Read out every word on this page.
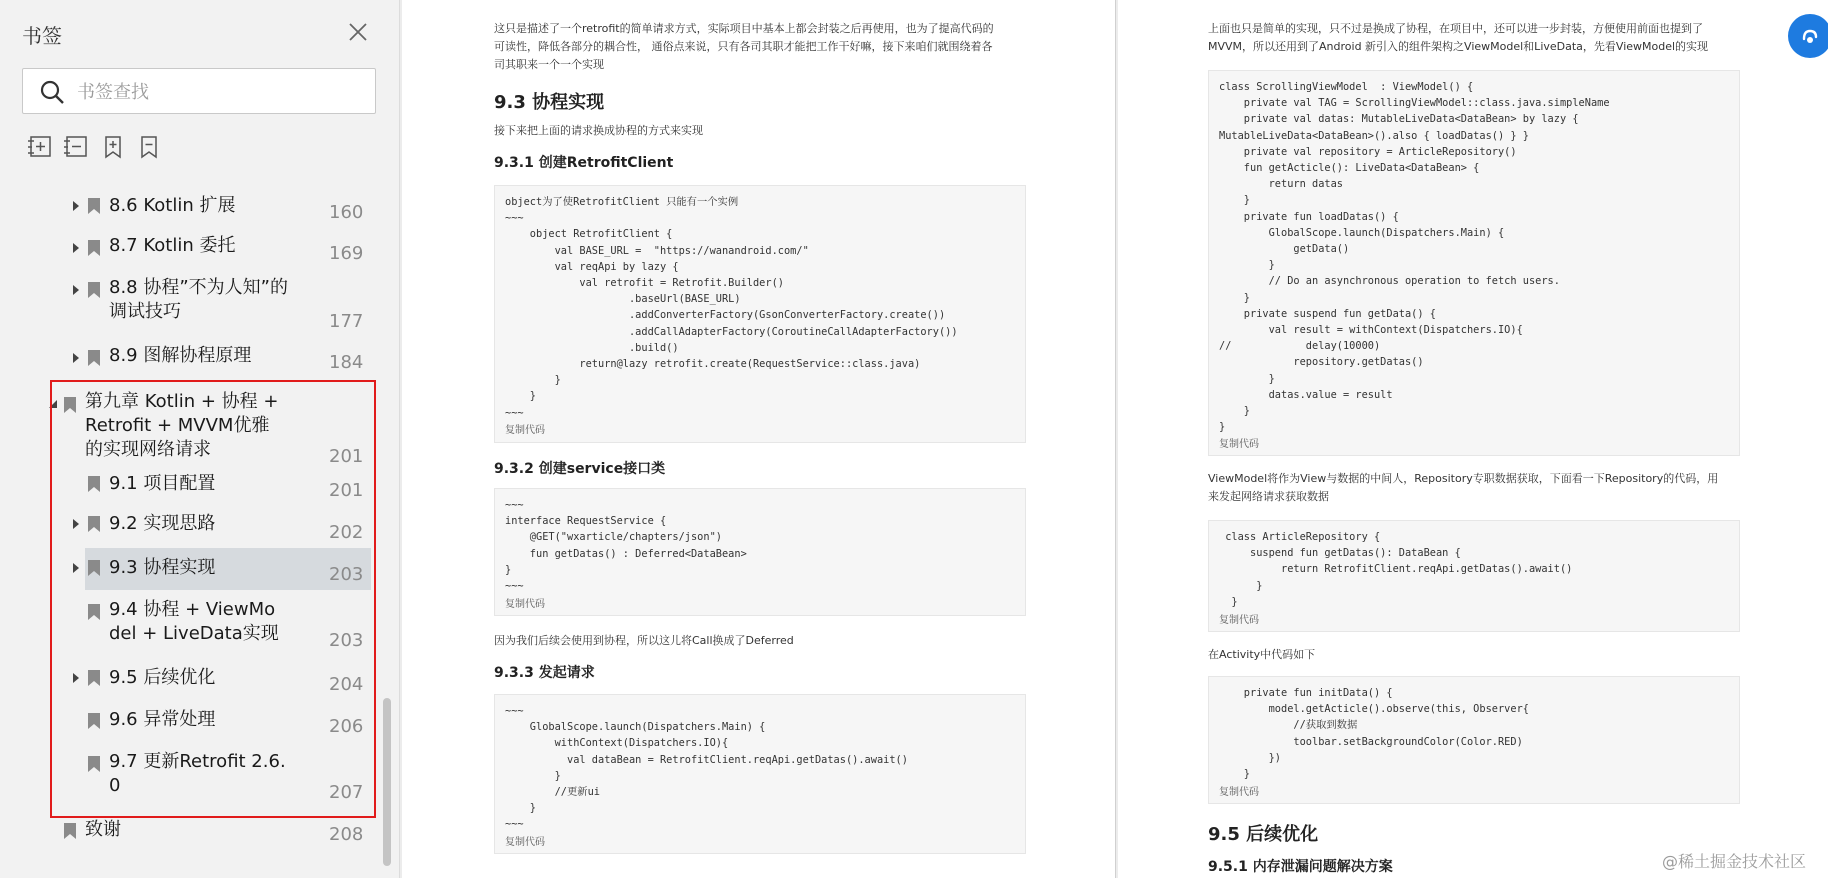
书签
书签查找
8.6 Kotlin 扩展	160
8.7 Kotlin 委托	169
8.8 协程”不为人知”的
调试技巧	177
8.9 图解协程原理	184
第九章 Kotlin + 协程 +
Retrofit + MVVM优雅
的实现网络请求	201
9.1 项目配置	201
9.2 实现思路	202
9.3 协程实现	203
9.4 协程 + ViewMo
del + LiveData实现	203
9.5 后续优化	204
9.6 异常处理	206
9.7 更新Retrofit 2.6.
0	207
致谢	208
这只是描述了一个retrofit的简单请求方式，实际项目中基本上都会封装之后再使用，也为了提高代码的
可读性，降低各部分的耦合性， 通俗点来说，只有各司其职才能把工作干好嘛，接下来咱们就围绕着各
司其职来一个一个实现
9.3 协程实现
接下来把上面的请求换成协程的方式来实现
9.3.1 创建RetrofitClient
object为了使RetrofitClient 只能有一个实例
~~~
object RetrofitClient {
val BASE_URL =  "https://wanandroid.com/"
val reqApi by lazy {
val retrofit = Retrofit.Builder()
.baseUrl(BASE_URL)
.addConverterFactory(GsonConverterFactory.create())
.addCallAdapterFactory(CoroutineCallAdapterFactory())
.build()
return@lazy retrofit.create(RequestService::class.java)
}
}
~~~
复制代码
9.3.2 创建service接口类
~~~
interface RequestService {
@GET("wxarticle/chapters/json")
fun getDatas() : Deferred<DataBean>
}
~~~
复制代码
因为我们后续会使用到协程，所以这儿将Call换成了Deferred
9.3.3 发起请求
~~~
GlobalScope.launch(Dispatchers.Main) {
withContext(Dispatchers.IO){
val dataBean = RetrofitClient.reqApi.getDatas().await()
}
//更新ui
}
~~~
复制代码
上面也只是简单的实现，只不过是换成了协程，在项目中，还可以进一步封装，方便使用前面也提到了
MVVM，所以还用到了Android 新引入的组件架构之ViewModel和LiveData，先看ViewModel的实现
class ScrollingViewModel  : ViewModel() {
private val TAG = ScrollingViewModel::class.java.simpleName
private val datas: MutableLiveData<DataBean> by lazy {
MutableLiveData<DataBean>().also { loadDatas() } }
private val repository = ArticleRepository()
fun getActicle(): LiveData<DataBean> {
return datas
}
private fun loadDatas() {
GlobalScope.launch(Dispatchers.Main) {
getData()
}
// Do an asynchronous operation to fetch users.
}
private suspend fun getData() {
val result = withContext(Dispatchers.IO){
//            delay(10000)
repository.getDatas()
}
datas.value = result
}
}
复制代码
ViewModel将作为View与数据的中间人，Repository专职数据获取，下面看一下Repository的代码，用
来发起网络请求获取数据
class ArticleRepository {
suspend fun getDatas(): DataBean {
return RetrofitClient.reqApi.getDatas().await()
}
}
复制代码
在Activity中代码如下
private fun initData() {
model.getActicle().observe(this, Observer{
//获取到数据
toolbar.setBackgroundColor(Color.RED)
})
}
复制代码
9.5 后续优化
9.5.1 内存泄漏问题解决方案	@稀土掘金技术社区
